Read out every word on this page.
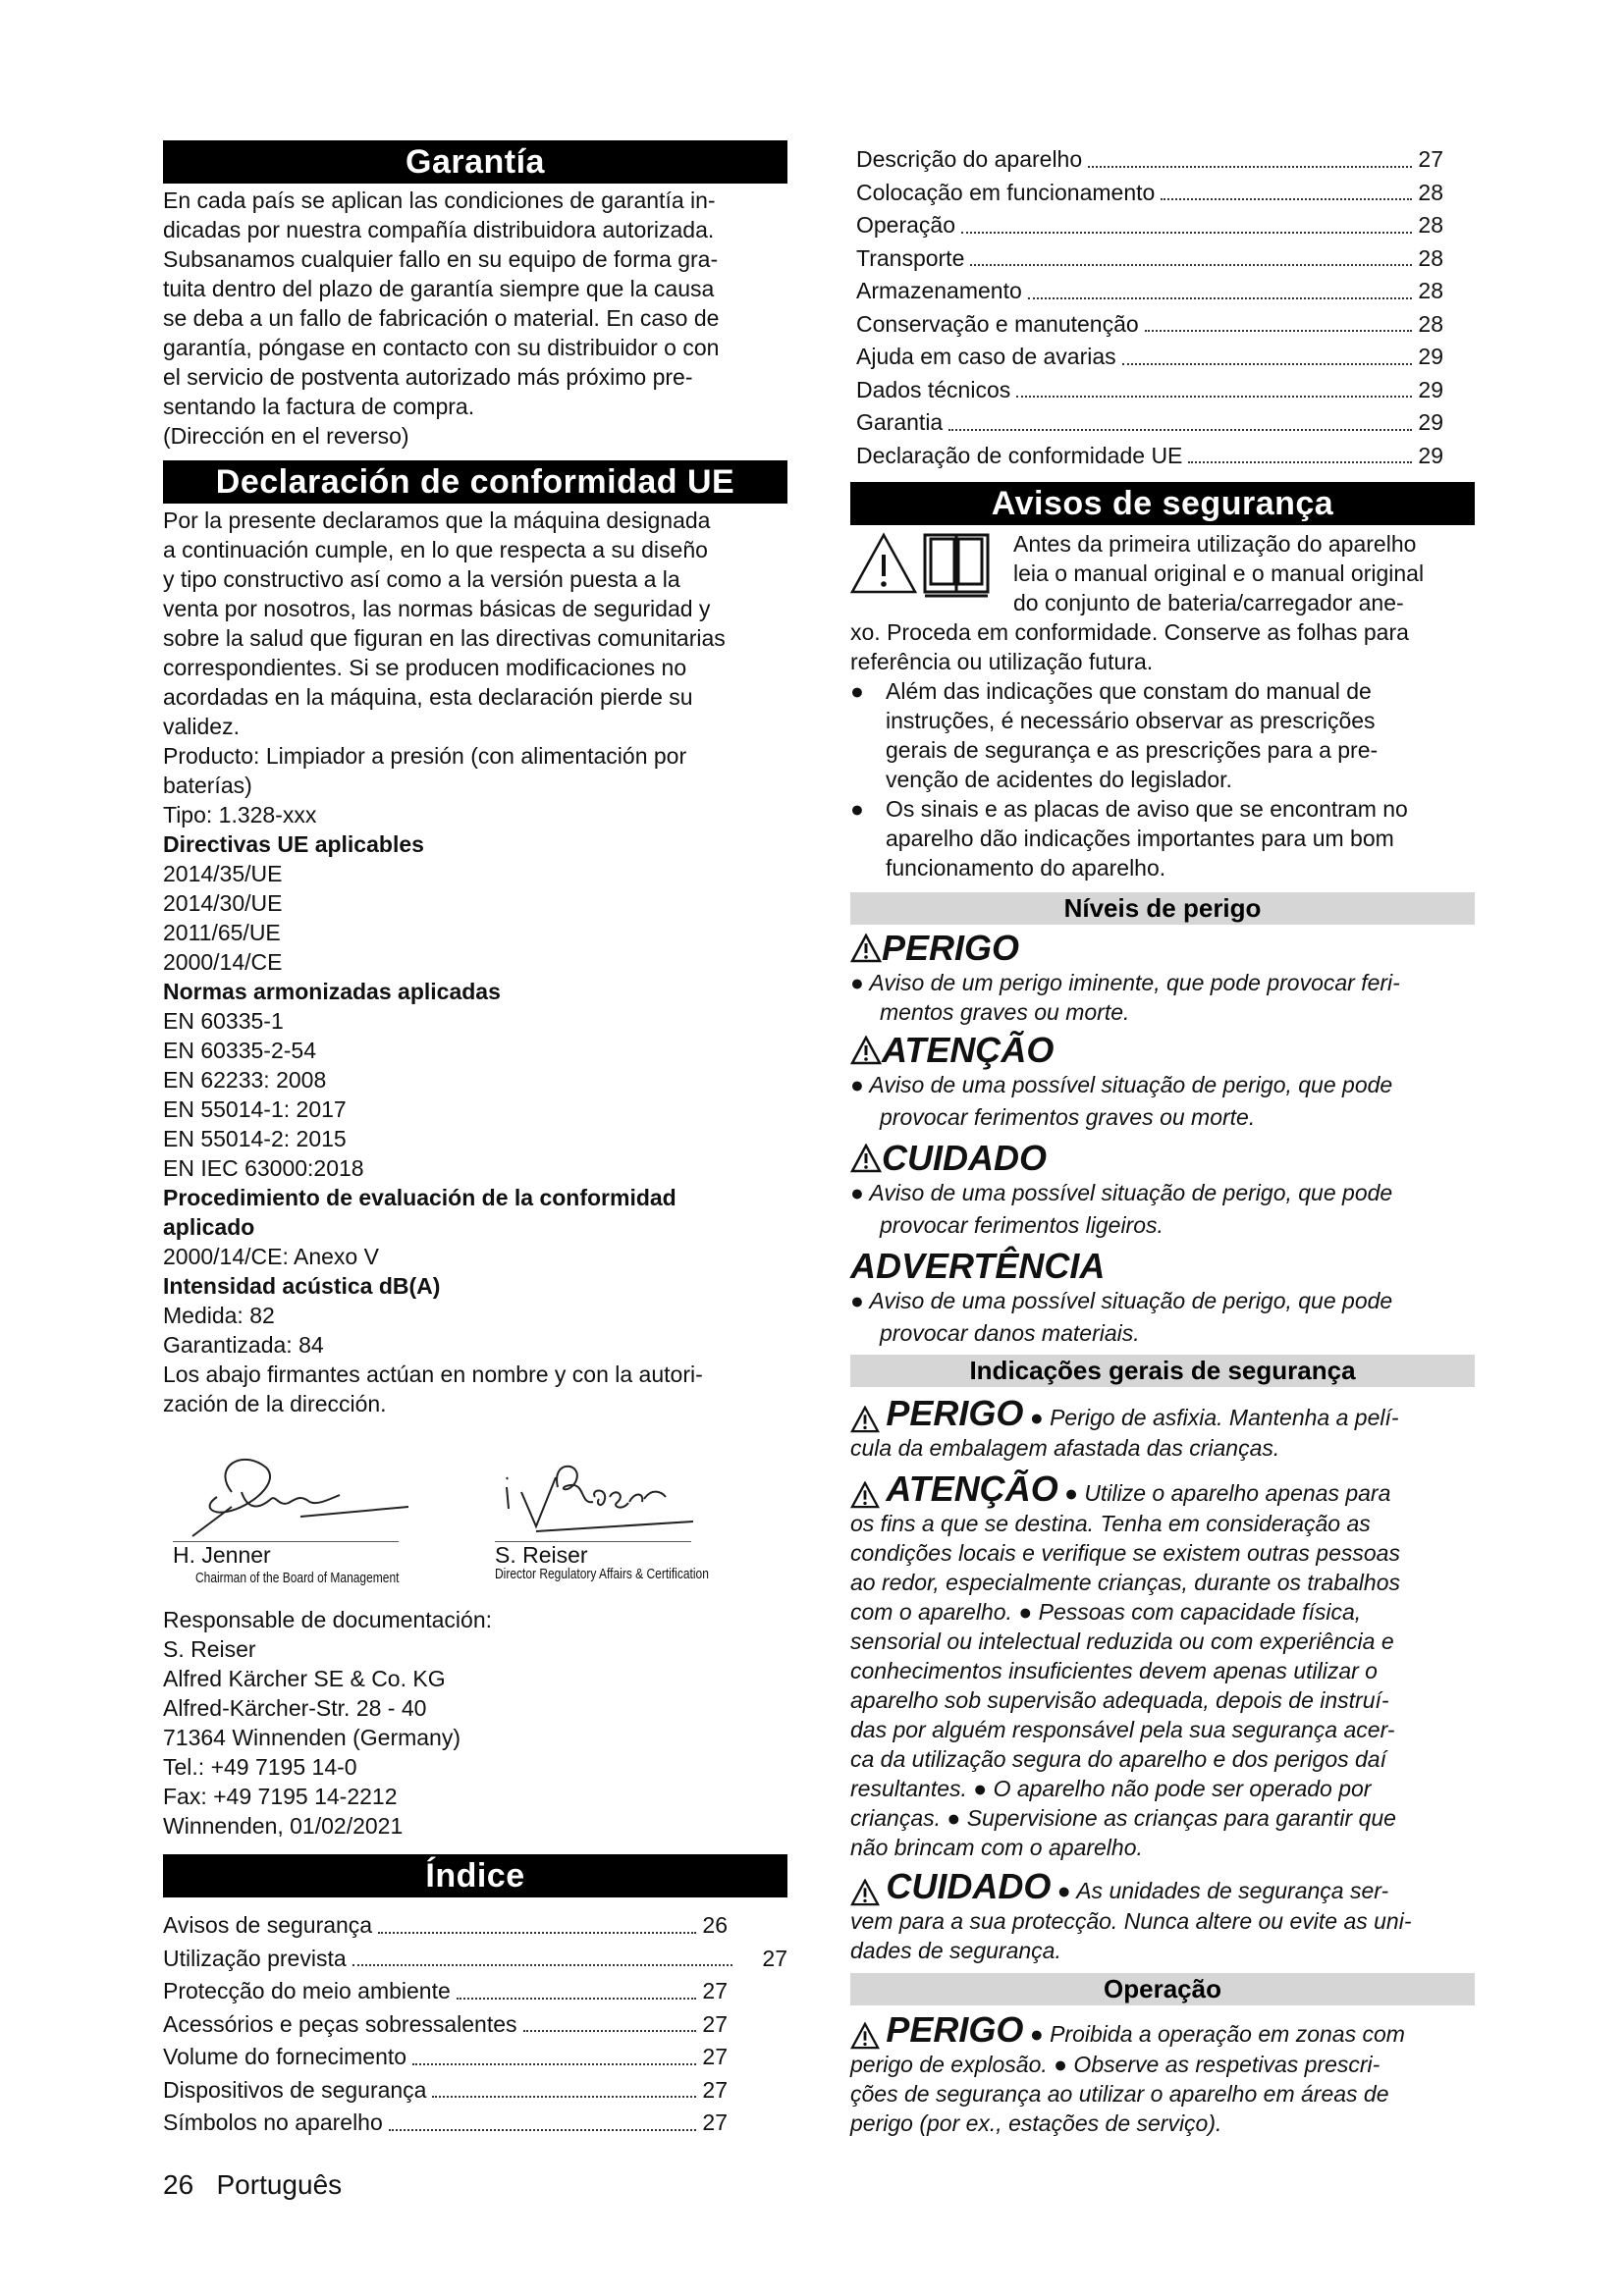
Garantía

En cada país se aplican las condiciones de garantía in-

dicadas por nuestra compañía distribuidora autorizada.

Subsanamos cualquier fallo en su equipo de forma gra-

tuita dentro del plazo de garantía siempre que la causa

se deba a un fallo de fabricación o material. En caso de

garantía, póngase en contacto con su distribuidor o con

el servicio de postventa autorizado más próximo pre-

sentando la factura de compra.

(Dirección en el reverso)

Declaración de conformidad UE

Por la presente declaramos que la máquina designada

a continuación cumple, en lo que respecta a su diseño

y tipo constructivo así como a la versión puesta a la

venta por nosotros, las normas básicas de seguridad y

sobre la salud que figuran en las directivas comunitarias

correspondientes. Si se producen modificaciones no

acordadas en la máquina, esta declaración pierde su

validez.

Producto: Limpiador a presión (con alimentación por

baterías)

Tipo: 1.328-xxx

Directivas UE aplicables

2014/35/UE

2014/30/UE

2011/65/UE

2000/14/CE

Normas armonizadas aplicadas

EN 60335-1

EN 60335-2-54

EN 62233: 2008

EN 55014-1: 2017

EN 55014-2: 2015

EN IEC 63000:2018

Procedimiento de evaluación de la conformidad

aplicado

2000/14/CE: Anexo V

Intensidad acústica dB(A)

Medida: 82

Garantizada: 84

Los abajo firmantes actúan en nombre y con la autori-

zación de la dirección.

H. Jenner	S. Reiser
Chairman of the Board of Management	Director Regulatory Affairs & Certification

Responsable de documentación:

S. Reiser

Alfred Kärcher SE & Co. KG

Alfred-Kärcher-Str. 28 - 40

71364 Winnenden (Germany)

Tel.: +49 7195 14-0

Fax: +49 7195 14-2212

Winnenden, 01/02/2021

Índice
Avisos de segurança	26
Utilização prevista	27
Protecção do meio ambiente	27
Acessórios e peças sobressalentes	27
Volume do fornecimento	27
Dispositivos de segurança	27
Símbolos no aparelho	27
Descrição do aparelho	27
Colocação em funcionamento	28
Operação	28
Transporte	28
Armazenamento	28
Conservação e manutenção	28
Ajuda em caso de avarias	29
Dados técnicos	29
Garantia	29
Declaração de conformidade UE	29
Avisos de segurança

Antes da primeira utilização do aparelho

leia o manual original e o manual original

do conjunto de bateria/carregador ane-

xo. Proceda em conformidade. Conserve as folhas para

referência ou utilização futura.

● Além das indicações que constam do manual de
instruções, é necessário observar as prescrições
gerais de segurança e as prescrições para a pre-
venção de acidentes do legislador.
● Os sinais e as placas de aviso que se encontram no
aparelho dão indicações importantes para um bom
funcionamento do aparelho.
Níveis de perigo
PERIGO

● Aviso de um perigo iminente, que pode provocar feri-

mentos graves ou morte.

ATENÇÃO

● Aviso de uma possível situação de perigo, que pode

provocar ferimentos graves ou morte.

CUIDADO

● Aviso de uma possível situação de perigo, que pode

provocar ferimentos ligeiros.

ADVERTÊNCIA

● Aviso de uma possível situação de perigo, que pode

provocar danos materiais.

Indicações gerais de segurança

PERIGO ● Perigo de asfixia. Mantenha a pelí-

cula da embalagem afastada das crianças.

ATENÇÃO ● Utilize o aparelho apenas para

os fins a que se destina. Tenha em consideração as

condições locais e verifique se existem outras pessoas

ao redor, especialmente crianças, durante os trabalhos

com o aparelho. ● Pessoas com capacidade física,

sensorial ou intelectual reduzida ou com experiência e

conhecimentos insuficientes devem apenas utilizar o

aparelho sob supervisão adequada, depois de instruí-

das por alguém responsável pela sua segurança acer-

ca da utilização segura do aparelho e dos perigos daí

resultantes. ● O aparelho não pode ser operado por

crianças. ● Supervisione as crianças para garantir que

não brincam com o aparelho.

CUIDADO ● As unidades de segurança ser-

vem para a sua protecção. Nunca altere ou evite as uni-

dades de segurança.

Operação

PERIGO ● Proibida a operação em zonas com

perigo de explosão. ● Observe as respetivas prescri-

ções de segurança ao utilizar o aparelho em áreas de

perigo (por ex., estações de serviço).

26 Português
